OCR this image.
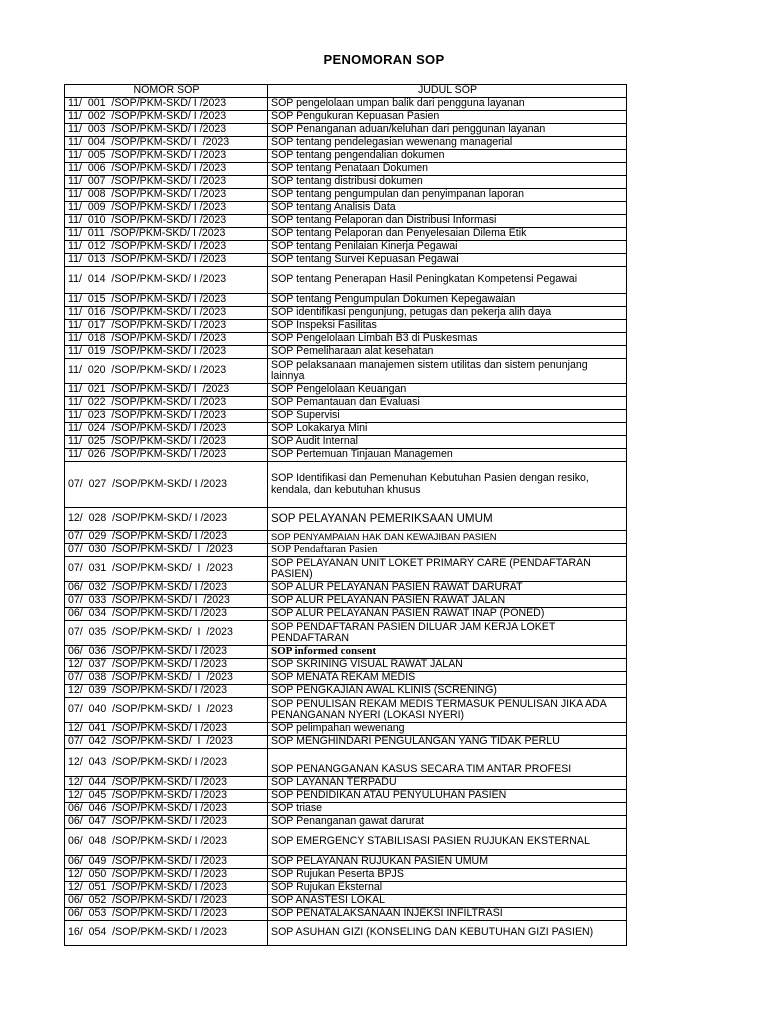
PENOMORAN SOP
NOMOR SOP	JUDUL SOP
11/  001  /SOP/PKM-SKD/ I /2023	SOP pengelolaan umpan balik dari pengguna layanan
11/  002  /SOP/PKM-SKD/ I /2023	SOP Pengukuran Kepuasan Pasien
11/  003  /SOP/PKM-SKD/ I /2023	SOP Penanganan aduan/keluhan dari penggunan layanan
11/  004  /SOP/PKM-SKD/ I  /2023	SOP tentang pendelegasian wewenang managerial
11/  005  /SOP/PKM-SKD/ I /2023	SOP tentang pengendalian dokumen
11/  006  /SOP/PKM-SKD/ I /2023	SOP tentang Penataan Dokumen
11/  007  /SOP/PKM-SKD/ I /2023	SOP tentang distribusi dokumen
11/  008  /SOP/PKM-SKD/ I /2023	SOP tentang pengumpulan dan penyimpanan laporan
11/  009  /SOP/PKM-SKD/ I /2023	SOP tentang Analisis Data
11/  010  /SOP/PKM-SKD/ I /2023	SOP tentang Pelaporan dan Distribusi Informasi
11/  011  /SOP/PKM-SKD/ I /2023	SOP tentang Pelaporan dan Penyelesaian Dilema Etik
11/  012  /SOP/PKM-SKD/ I /2023	SOP tentang Penilaian Kinerja Pegawai
11/  013  /SOP/PKM-SKD/ I /2023	SOP tentang Survei Kepuasan Pegawai
11/  014  /SOP/PKM-SKD/ I /2023	SOP tentang Penerapan Hasil Peningkatan Kompetensi Pegawai
11/  015  /SOP/PKM-SKD/ I /2023	SOP tentang Pengumpulan Dokumen Kepegawaian
11/  016  /SOP/PKM-SKD/ I /2023	SOP identifikasi pengunjung, petugas dan pekerja alih daya
11/  017  /SOP/PKM-SKD/ I /2023	SOP Inspeksi Fasilitas
11/  018  /SOP/PKM-SKD/ I /2023	SOP Pengelolaan Limbah B3 di Puskesmas
11/  019  /SOP/PKM-SKD/ I /2023	SOP Pemeliharaan alat kesehatan
11/  020  /SOP/PKM-SKD/ I /2023	SOP pelaksanaan manajemen sistem utilitas dan sistem penunjang lainnya
11/  021  /SOP/PKM-SKD/ I  /2023	SOP Pengelolaan Keuangan
11/  022  /SOP/PKM-SKD/ I /2023	SOP Pemantauan dan Evaluasi
11/  023  /SOP/PKM-SKD/ I /2023	SOP Supervisi
11/  024  /SOP/PKM-SKD/ I /2023	SOP Lokakarya Mini
11/  025  /SOP/PKM-SKD/ I /2023	SOP Audit Internal
11/  026  /SOP/PKM-SKD/ I /2023	SOP Pertemuan Tinjauan Managemen
07/  027  /SOP/PKM-SKD/ I /2023	SOP Identifikasi dan Pemenuhan Kebutuhan Pasien dengan resiko, kendala, dan kebutuhan khusus
12/  028  /SOP/PKM-SKD/ I /2023	SOP PELAYANAN PEMERIKSAAN UMUM
07/  029  /SOP/PKM-SKD/ I /2023	SOP PENYAMPAIAN HAK DAN KEWAJIBAN PASIEN
07/  030  /SOP/PKM-SKD/  I  /2023	SOP Pendaftaran Pasien
07/  031  /SOP/PKM-SKD/  I  /2023	SOP PELAYANAN UNIT LOKET PRIMARY CARE (PENDAFTARAN PASIEN)
06/  032  /SOP/PKM-SKD/ I /2023	SOP ALUR PELAYANAN PASIEN RAWAT DARURAT
07/  033  /SOP/PKM-SKD/ I  /2023	SOP ALUR PELAYANAN PASIEN RAWAT JALAN
06/  034  /SOP/PKM-SKD/ I /2023	SOP ALUR PELAYANAN PASIEN RAWAT INAP (PONED)
07/  035  /SOP/PKM-SKD/  I  /2023	SOP PENDAFTARAN PASIEN DILUAR JAM KERJA LOKET PENDAFTARAN
06/  036  /SOP/PKM-SKD/ I /2023	SOP informed consent
12/  037  /SOP/PKM-SKD/ I /2023	SOP SKRINING VISUAL RAWAT JALAN
07/  038  /SOP/PKM-SKD/  I  /2023	SOP MENATA REKAM MEDIS
12/  039  /SOP/PKM-SKD/ I /2023	SOP PENGKAJIAN AWAL KLINIS (SCRENING)
07/  040  /SOP/PKM-SKD/  I  /2023	SOP PENULISAN REKAM MEDIS TERMASUK PENULISAN JIKA ADA PENANGANAN NYERI (LOKASI NYERI)
12/  041  /SOP/PKM-SKD/ I /2023	SOP pelimpahan wewenang
07/  042  /SOP/PKM-SKD/  I  /2023	SOP MENGHINDARI PENGULANGAN YANG TIDAK PERLU
12/  043  /SOP/PKM-SKD/ I /2023	SOP PENANGGANAN KASUS SECARA TIM ANTAR PROFESI
12/  044  /SOP/PKM-SKD/ I /2023	SOP LAYANAN TERPADU
12/  045  /SOP/PKM-SKD/ I /2023	SOP PENDIDIKAN ATAU PENYULUHAN PASIEN
06/  046  /SOP/PKM-SKD/ I /2023	SOP triase
06/  047  /SOP/PKM-SKD/ I /2023	SOP Penanganan gawat darurat
06/  048  /SOP/PKM-SKD/ I /2023	SOP EMERGENCY STABILISASI PASIEN RUJUKAN EKSTERNAL
06/  049  /SOP/PKM-SKD/ I /2023	SOP PELAYANAN RUJUKAN PASIEN UMUM
12/  050  /SOP/PKM-SKD/ I /2023	SOP Rujukan Peserta BPJS
12/  051  /SOP/PKM-SKD/ I /2023	SOP Rujukan Eksternal
06/  052  /SOP/PKM-SKD/ I /2023	SOP ANASTESI LOKAL
06/  053  /SOP/PKM-SKD/ I /2023	SOP PENATALAKSANAAN INJEKSI INFILTRASI
16/  054  /SOP/PKM-SKD/ I /2023	SOP ASUHAN GIZI (KONSELING DAN KEBUTUHAN GIZI PASIEN)
